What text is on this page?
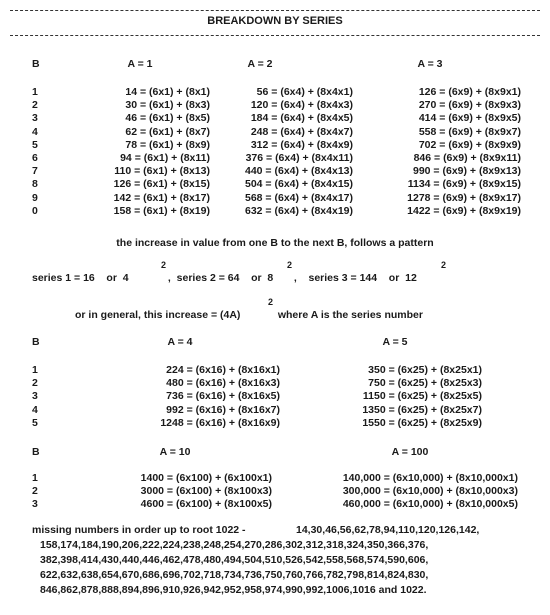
BREAKDOWN BY SERIES
B	A = 1	A = 2	A = 3
1	14 = (6x1) + (8x1)	56 = (6x4) + (8x4x1)	126 = (6x9) + (8x9x1)
2	30 = (6x1) + (8x3)	120 = (6x4) + (8x4x3)	270 = (6x9) + (8x9x3)
3	46 = (6x1) + (8x5)	184 = (6x4) + (8x4x5)	414 = (6x9) + (8x9x5)
4	62 = (6x1) + (8x7)	248 = (6x4) + (8x4x7)	558 = (6x9) + (8x9x7)
5	78 = (6x1) + (8x9)	312 = (6x4) + (8x4x9)	702 = (6x9) + (8x9x9)
6	94 = (6x1) + (8x11)	376 = (6x4) + (8x4x11)	846 = (6x9) + (8x9x11)
7	110 = (6x1) + (8x13)	440 = (6x4) + (8x4x13)	990 = (6x9) + (8x9x13)
8	126 = (6x1) + (8x15)	504 = (6x4) + (8x4x15)	1134 = (6x9) + (8x9x15)
9	142 = (6x1) + (8x17)	568 = (6x4) + (8x4x17)	1278 = (6x9) + (8x9x17)
0	158 = (6x1) + (8x19)	632 = (6x4) + (8x4x19)	1422 = (6x9) + (8x9x19)
the increase in value from one B to the next B, follows a pattern
series 1 = 16    or  4
2
,  series 2 = 64    or  8
2
,    series 3 = 144    or  12
2
or in general, this increase = (4A)
2
where A is the series number
B	A = 4	A = 5
1	224 = (6x16) + (8x16x1)	350 = (6x25) + (8x25x1)
2	480 = (6x16) + (8x16x3)	750 = (6x25) + (8x25x3)
3	736 = (6x16) + (8x16x5)	1150 = (6x25) + (8x25x5)
4	992 = (6x16) + (8x16x7)	1350 = (6x25) + (8x25x7)
5	1248 = (6x16) + (8x16x9)	1550 = (6x25) + (8x25x9)
B	A = 10	A = 100
1	1400 = (6x100) + (6x100x1)	140,000 = (6x10,000) + (8x10,000x1)
2	3000 = (6x100) + (8x100x3)	300,000 = (6x10,000) + (8x10,000x3)
3	4600 = (6x100) + (8x100x5)	460,000 = (6x10,000) + (8x10,000x5)
missing numbers in order up to root 1022 -	14,30,46,56,62,78,94,110,120,126,142,
158,174,184,190,206,222,224,238,248,254,270,286,302,312,318,324,350,366,376,
382,398,414,430,440,446,462,478,480,494,504,510,526,542,558,568,574,590,606,
622,632,638,654,670,686,696,702,718,734,736,750,760,766,782,798,814,824,830,
846,862,878,888,894,896,910,926,942,952,958,974,990,992,1006,1016 and 1022.
